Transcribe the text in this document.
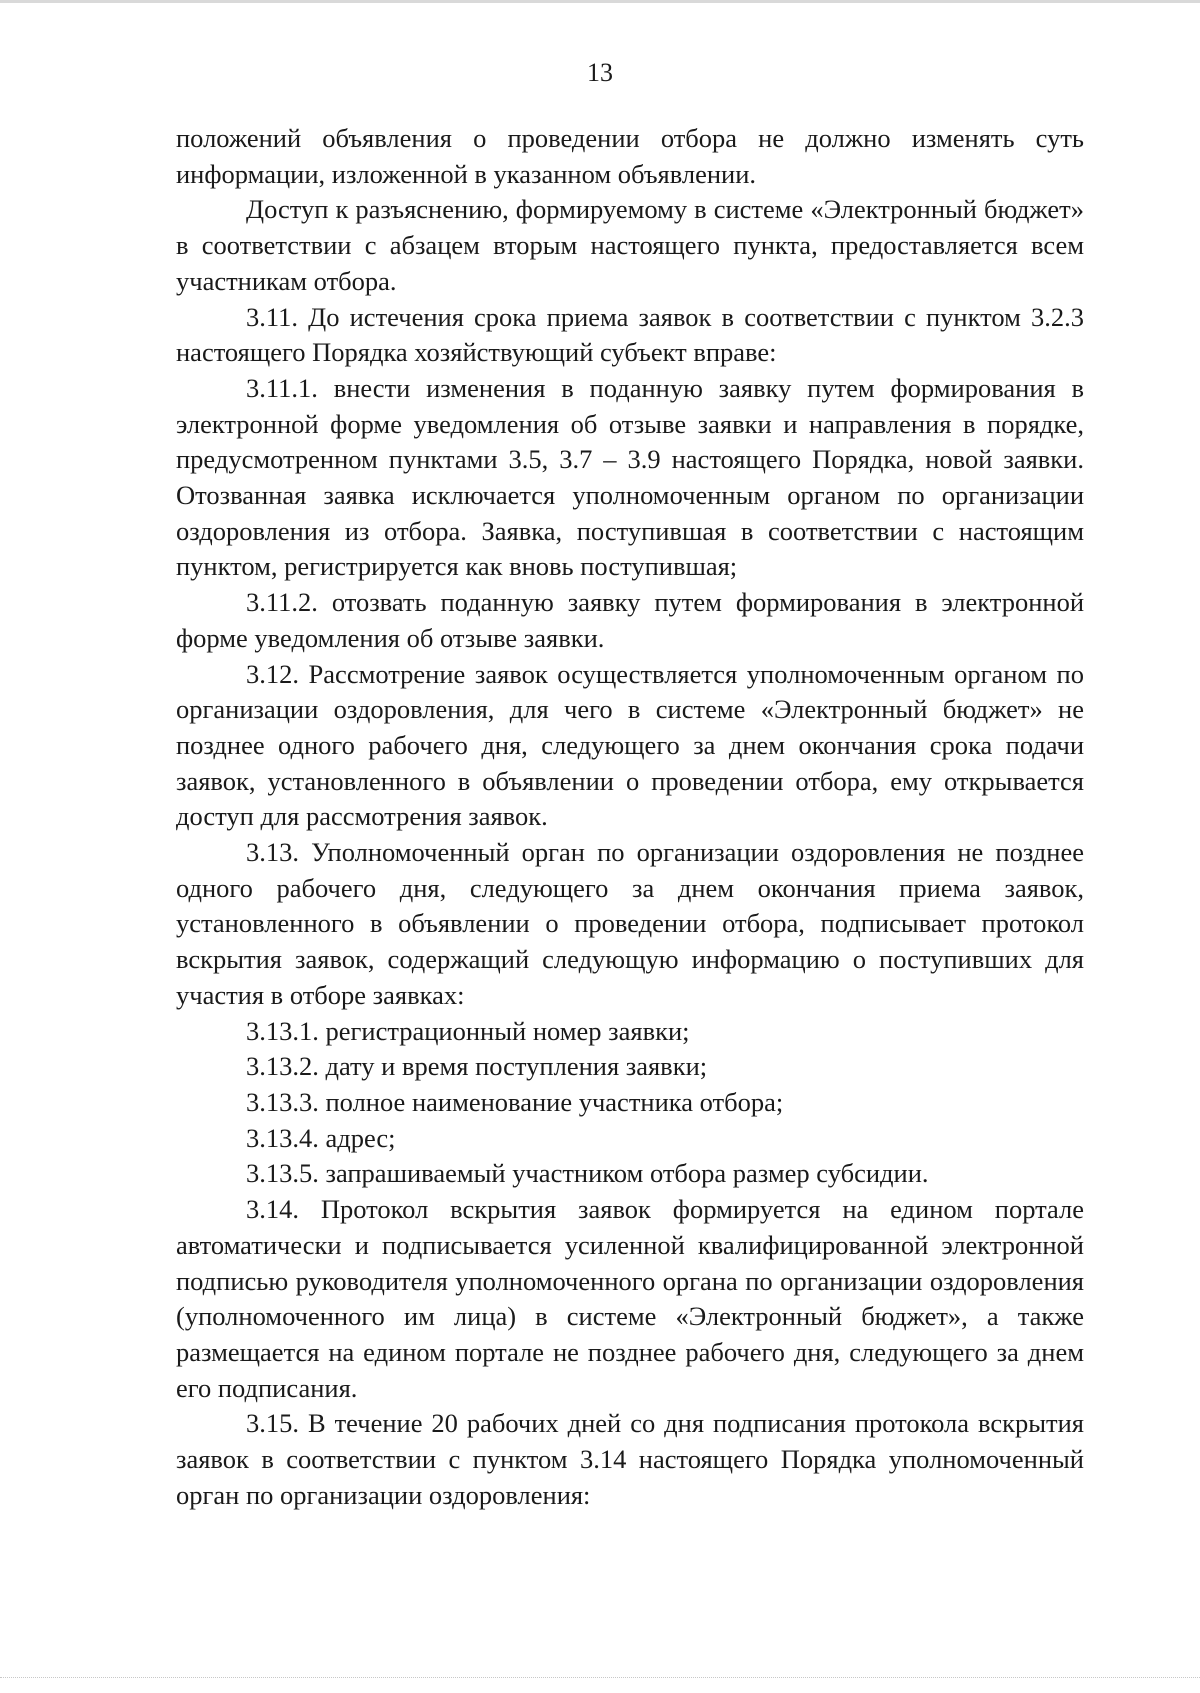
13

положений объявления о проведении отбора не должно изменять суть информации, изложенной в указанном объявлении.

Доступ к разъяснению, формируемому в системе «Электронный бюджет» в соответствии с абзацем вторым настоящего пункта, предоставляется всем участникам отбора.

3.11. До истечения срока приема заявок в соответствии с пунктом 3.2.3 настоящего Порядка хозяйствующий субъект вправе:

3.11.1. внести изменения в поданную заявку путем формирования в электронной форме уведомления об отзыве заявки и направления в порядке, предусмотренном пунктами 3.5, 3.7 – 3.9 настоящего Порядка, новой заявки. Отозванная заявка исключается уполномоченным органом по организации оздоровления из отбора. Заявка, поступившая в соответствии с настоящим пунктом, регистрируется как вновь поступившая;

3.11.2. отозвать поданную заявку путем формирования в электронной форме уведомления об отзыве заявки.

3.12. Рассмотрение заявок осуществляется уполномоченным органом по организации оздоровления, для чего в системе «Электронный бюджет» не позднее одного рабочего дня, следующего за днем окончания срока подачи заявок, установленного в объявлении о проведении отбора, ему открывается доступ для рассмотрения заявок.

3.13. Уполномоченный орган по организации оздоровления не позднее одного рабочего дня, следующего за днем окончания приема заявок, установленного в объявлении о проведении отбора, подписывает протокол вскрытия заявок, содержащий следующую информацию о поступивших для участия в отборе заявках:

3.13.1. регистрационный номер заявки;

3.13.2. дату и время поступления заявки;

3.13.3. полное наименование участника отбора;

3.13.4. адрес;

3.13.5. запрашиваемый участником отбора размер субсидии.

3.14. Протокол вскрытия заявок формируется на едином портале автоматически и подписывается усиленной квалифицированной электронной подписью руководителя уполномоченного органа по организации оздоровления (уполномоченного им лица) в системе «Электронный бюджет», а также размещается на едином портале не позднее рабочего дня, следующего за днем его подписания.

3.15. В течение 20 рабочих дней со дня подписания протокола вскрытия заявок в соответствии с пунктом 3.14 настоящего Порядка уполномоченный орган по организации оздоровления:
